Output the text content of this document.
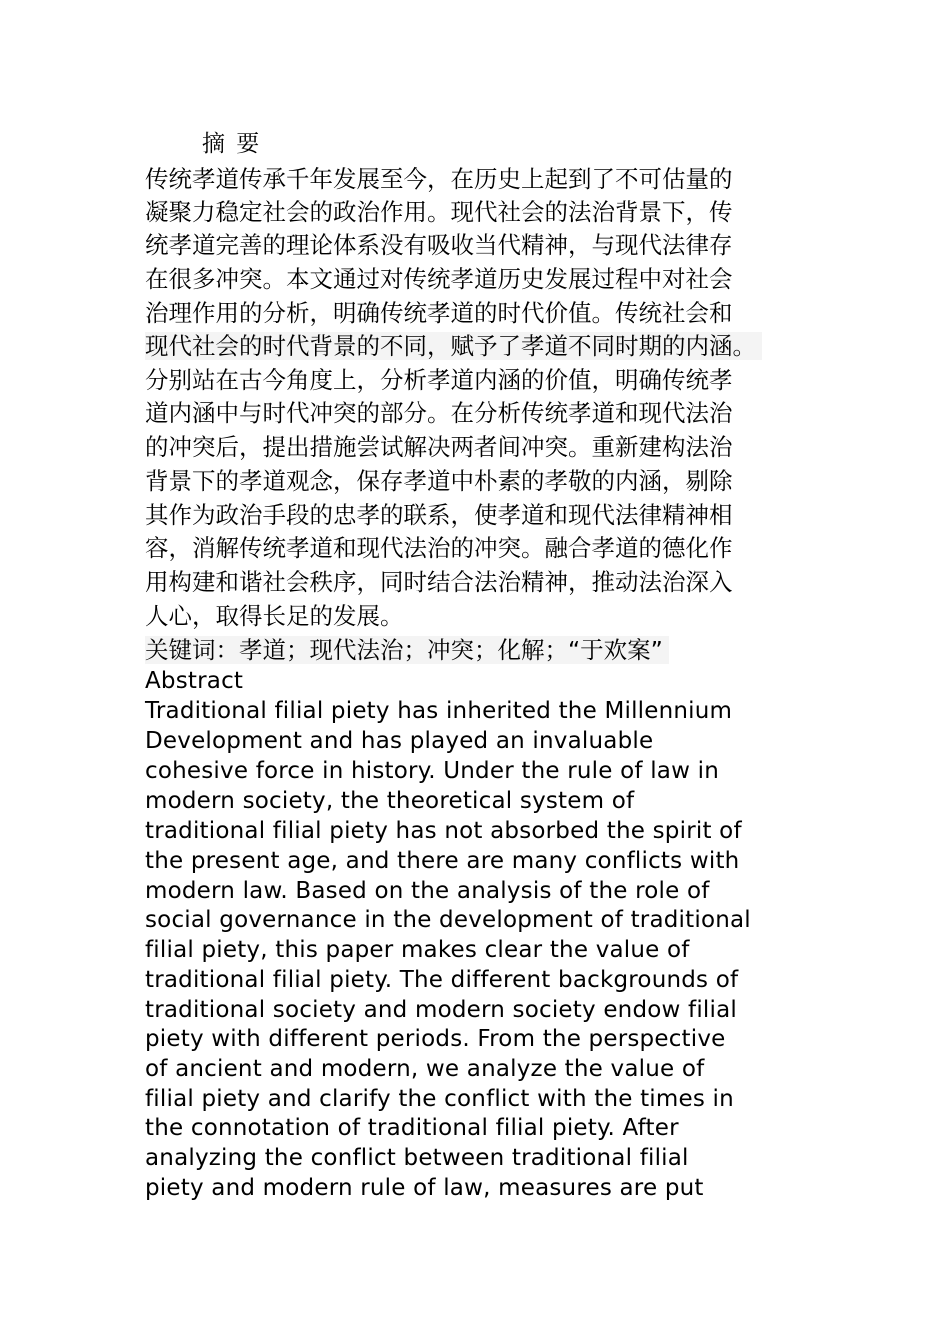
摘 要
传统孝道传承千年发展至今，在历史上起到了不可估量的
凝聚力稳定社会的政治作用。现代社会的法治背景下，传
统孝道完善的理论体系没有吸收当代精神，与现代法律存
在很多冲突。本文通过对传统孝道历史发展过程中对社会
治理作用的分析，明确传统孝道的时代价值。传统社会和
现代社会的时代背景的不同，赋予了孝道不同时期的内涵。
分别站在古今角度上，分析孝道内涵的价值，明确传统孝
道内涵中与时代冲突的部分。在分析传统孝道和现代法治
的冲突后，提出措施尝试解决两者间冲突。重新建构法治
背景下的孝道观念，保存孝道中朴素的孝敬的内涵，剔除
其作为政治手段的忠孝的联系，使孝道和现代法律精神相
容，消解传统孝道和现代法治的冲突。融合孝道的德化作
用构建和谐社会秩序，同时结合法治精神，推动法治深入
人心，取得长足的发展。
关键词：孝道；现代法治；冲突；化解；“于欢案”
Abstract
Traditional filial piety has inherited the Millennium
Development and has played an invaluable
cohesive force in history. Under the rule of law in
modern society, the theoretical system of
traditional filial piety has not absorbed the spirit of
the present age, and there are many conflicts with
modern law. Based on the analysis of the role of
social governance in the development of traditional
filial piety, this paper makes clear the value of
traditional filial piety. The different backgrounds of
traditional society and modern society endow filial
piety with different periods. From the perspective
of ancient and modern, we analyze the value of
filial piety and clarify the conflict with the times in
the connotation of traditional filial piety. After
analyzing the conflict between traditional filial
piety and modern rule of law, measures are put
